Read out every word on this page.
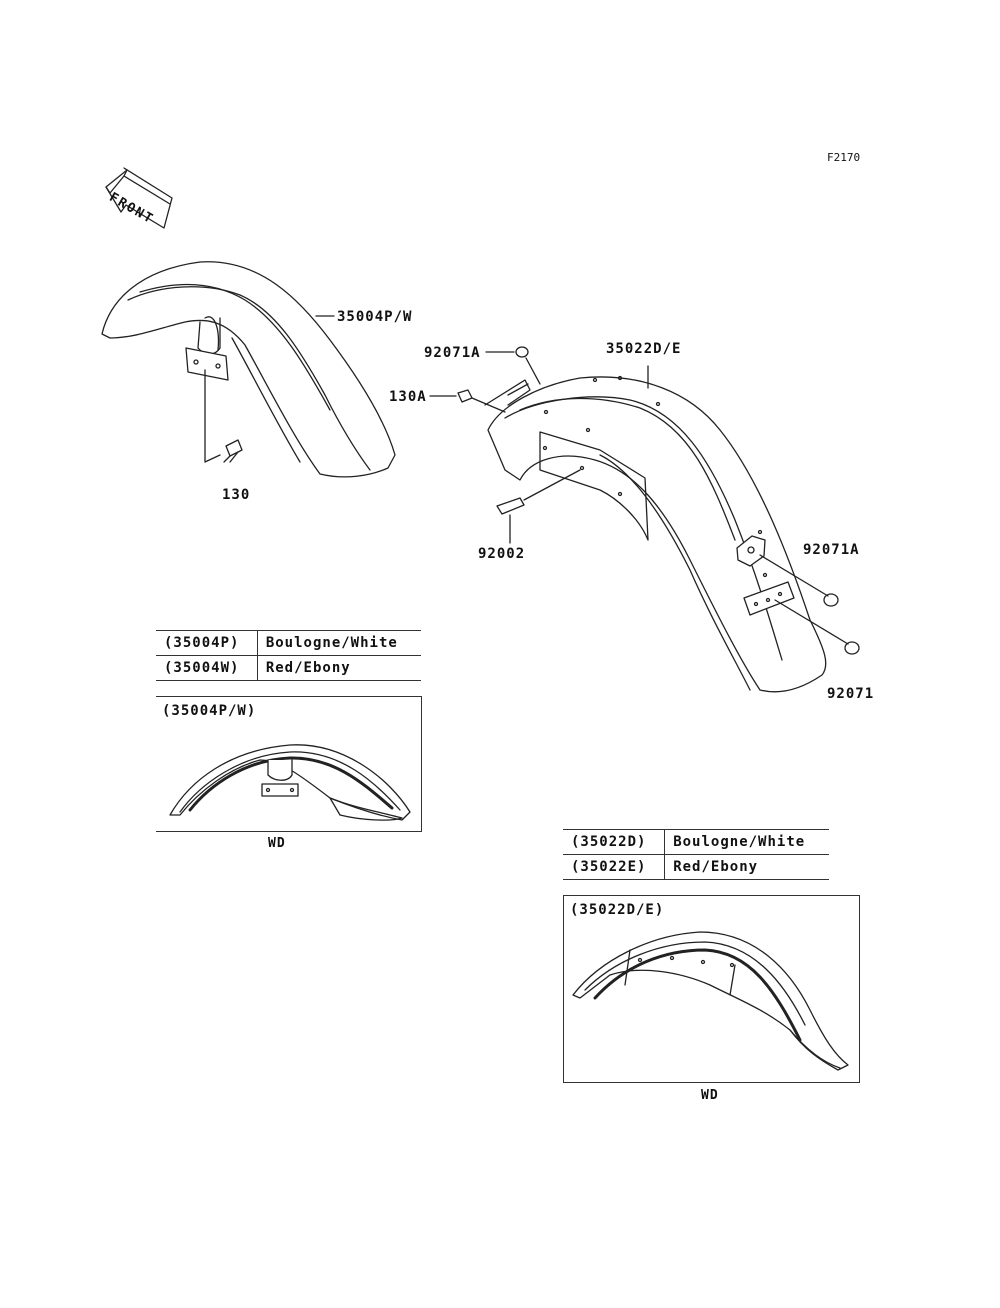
F2170
35004P/W
130
92071A	35022D/E
130A
92002	92071A
92071
(35004P)	Boulogne/White
(35004W)	Red/Ebony
(35022D)	Boulogne/White
(35022E)	Red/Ebony
(35004P/W)
WD
(35022D/E)
WD
FRONT
